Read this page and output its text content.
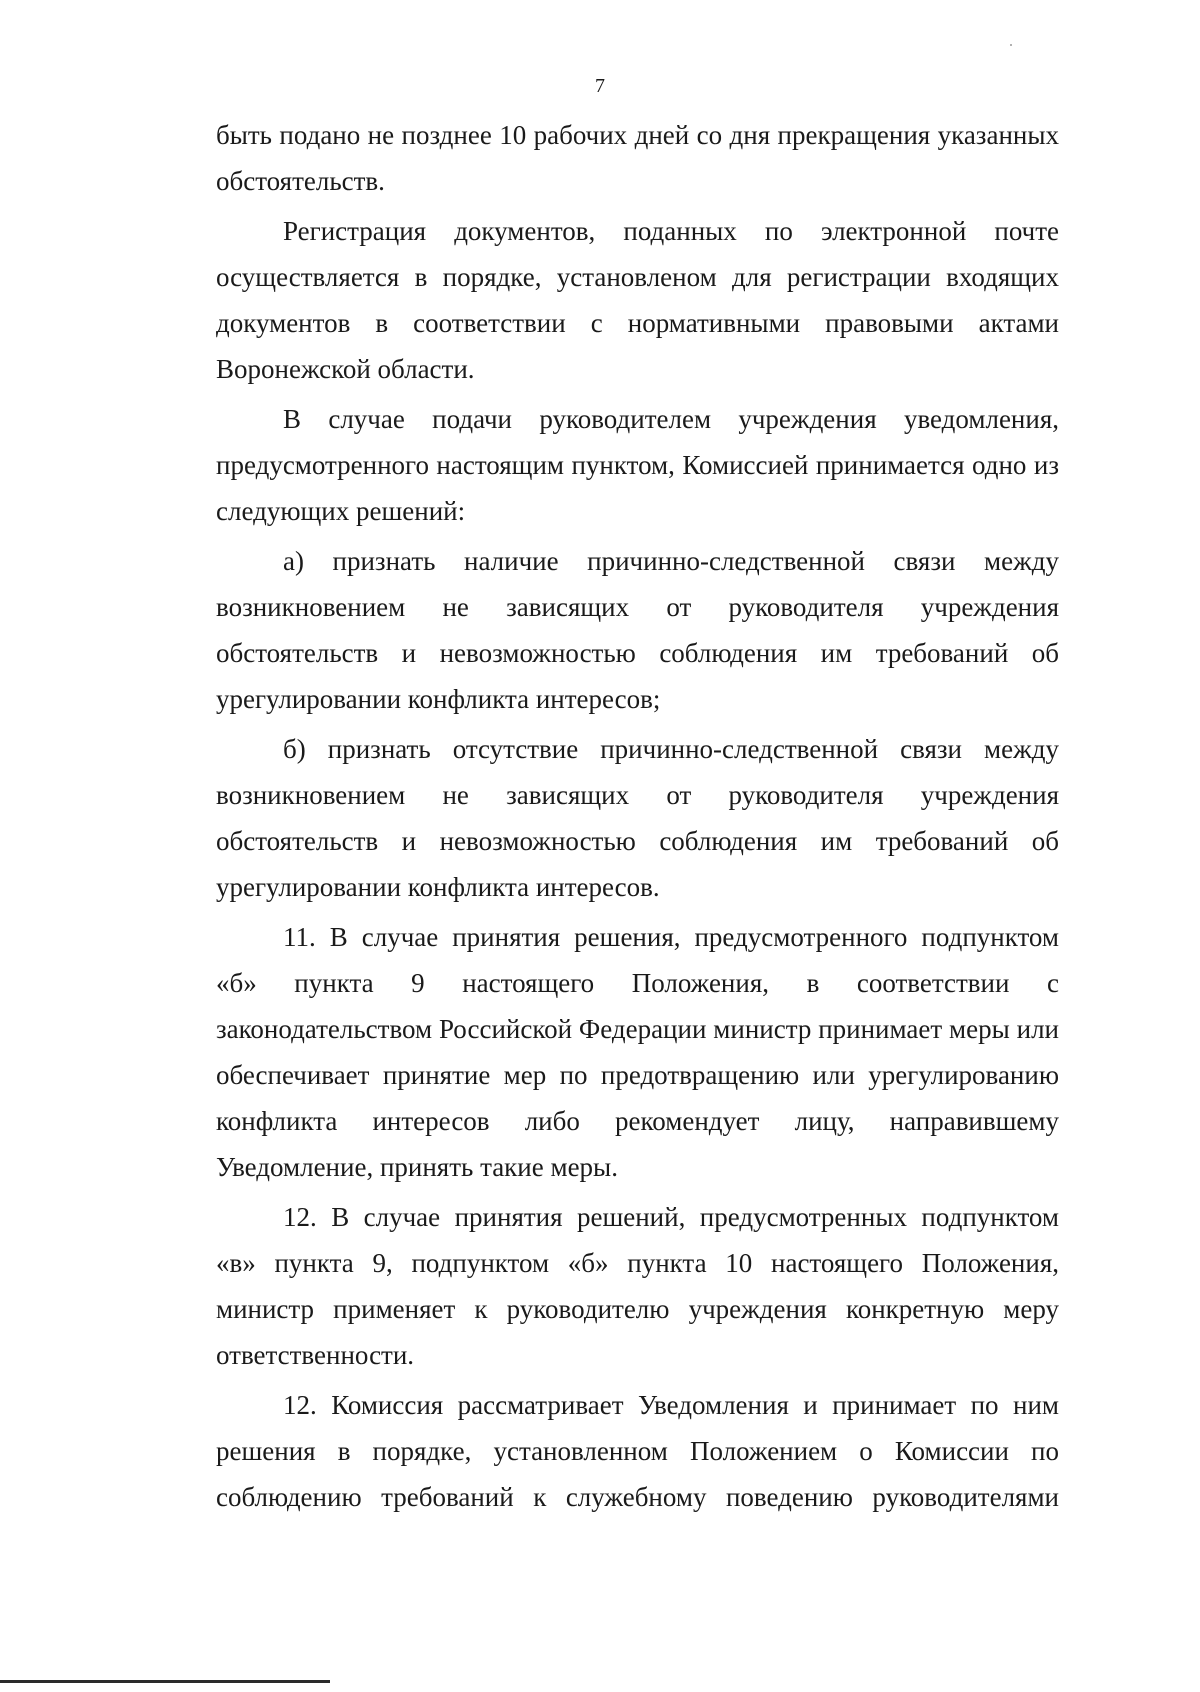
7

быть подано не позднее 10 рабочих дней со дня прекращения указанных обстоятельств.

Регистрация документов, поданных по электронной почте осуществляется в порядке, установленом для регистрации входящих документов в соответствии с нормативными правовыми актами Воронежской области.

В случае подачи руководителем учреждения уведомления, предусмотренного настоящим пунктом, Комиссией принимается одно из следующих решений:

а) признать наличие причинно-следственной связи между возникновением не зависящих от руководителя учреждения обстоятельств и невозможностью соблюдения им требований об урегулировании конфликта интересов;

б) признать отсутствие причинно-следственной связи между возникновением не зависящих от руководителя учреждения обстоятельств и невозможностью соблюдения им требований об урегулировании конфликта интересов.

11. В случае принятия решения, предусмотренного подпунктом «б» пункта 9 настоящего Положения, в соответствии с законодательством Российской Федерации министр принимает меры или обеспечивает принятие мер по предотвращению или урегулированию конфликта интересов либо рекомендует лицу, направившему Уведомление, принять такие меры.

12. В случае принятия решений, предусмотренных подпунктом «в» пункта 9, подпунктом «б» пункта 10 настоящего Положения, министр применяет к руководителю учреждения конкретную меру ответственности.

12. Комиссия рассматривает Уведомления и принимает по ним решения в порядке, установленном Положением о Комиссии по соблюдению требований к служебному поведению руководителями
